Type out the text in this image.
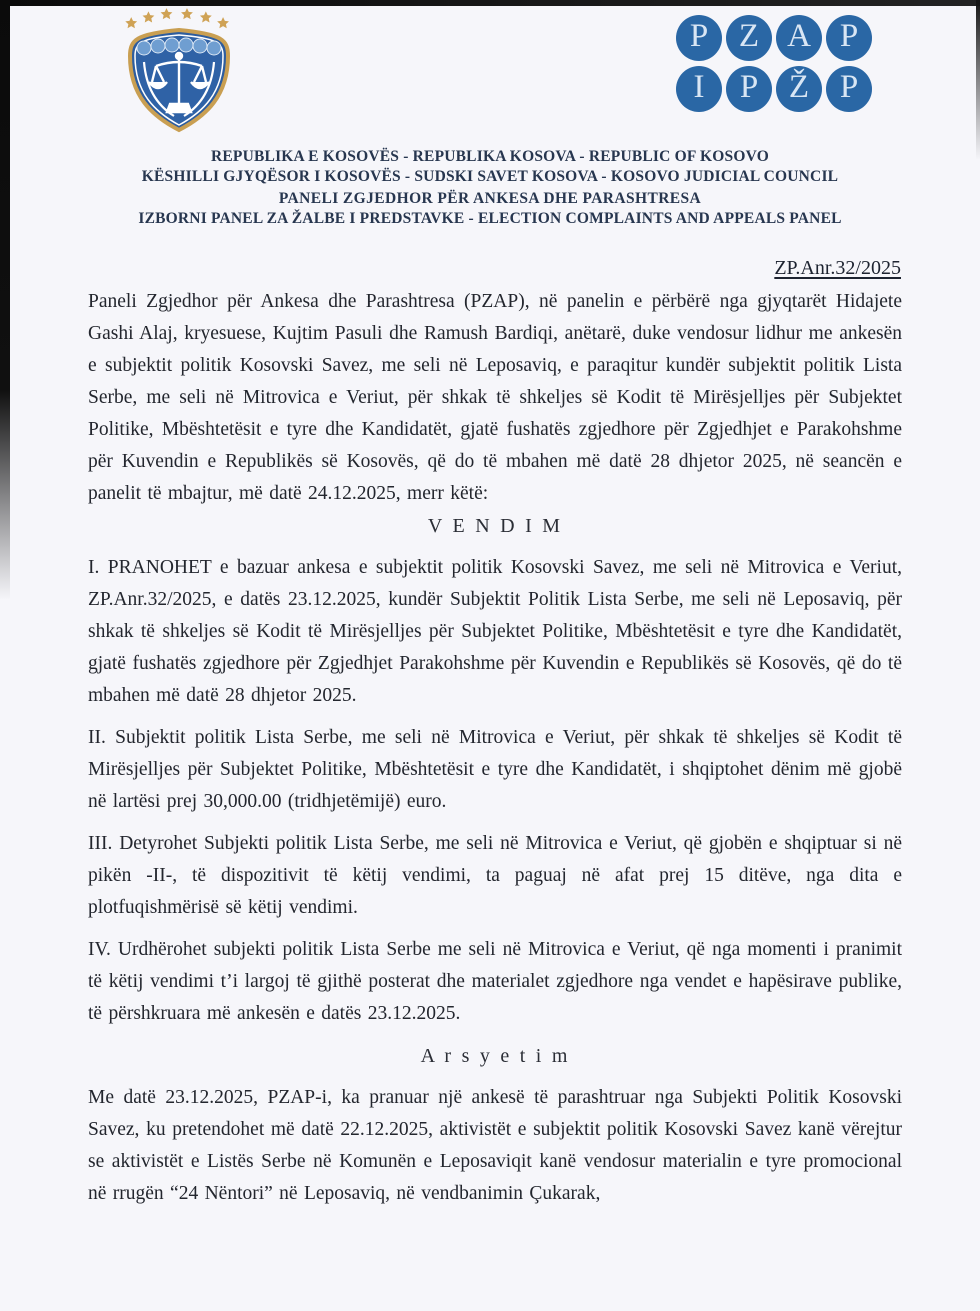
P Z A P
I	P Ž P
REPUBLIKA E KOSOVËS - REPUBLIKA KOSOVA - REPUBLIC OF KOSOVO
KËSHILLI GJYQËSOR I KOSOVËS - SUDSKI SAVET KOSOVA - KOSOVO JUDICIAL COUNCIL
PANELI ZGJEDHOR PËR ANKESA DHE PARASHTRESA
IZBORNI PANEL ZA ŽALBE I PREDSTAVKE - ELECTION COMPLAINTS AND APPEALS PANEL
ZP.Anr.32/2025

Paneli Zgjedhor për Ankesa dhe Parashtresa (PZAP), në panelin e përbërë nga gjyqtarët Hidajete Gashi Alaj, kryesuese, Kujtim Pasuli dhe Ramush Bardiqi, anëtarë, duke vendosur lidhur me ankesën e subjektit politik Kosovski Savez, me seli në Leposaviq, e paraqitur kundër subjektit politik Lista Serbe, me seli në Mitrovica e Veriut, për shkak të shkeljes së Kodit të Mirësjelljes për Subjektet Politike, Mbështetësit e tyre dhe Kandidatët, gjatë fushatës zgjedhore për Zgjedhjet e Parakohshme për Kuvendin e Republikës së Kosovës, që do të mbahen më datë 28 dhjetor 2025, në seancën e panelit të mbajtur, më datë 24.12.2025, merr këtë:

V E N D I M

I. PRANOHET e bazuar ankesa e subjektit politik Kosovski Savez, me seli në Mitrovica e Veriut, ZP.Anr.32/2025, e datës 23.12.2025, kundër Subjektit Politik Lista Serbe, me seli në Leposaviq, për shkak të shkeljes së Kodit të Mirësjelljes për Subjektet Politike, Mbështetësit e tyre dhe Kandidatët, gjatë fushatës zgjedhore për Zgjedhjet Parakohshme për Kuvendin e Republikës së Kosovës, që do të mbahen më datë 28 dhjetor 2025.

II. Subjektit politik Lista Serbe, me seli në Mitrovica e Veriut, për shkak të shkeljes së Kodit të Mirësjelljes për Subjektet Politike, Mbështetësit e tyre dhe Kandidatët, i shqiptohet dënim më gjobë në lartësi prej 30,000.00 (tridhjetëmijë) euro.

III. Detyrohet Subjekti politik Lista Serbe, me seli në Mitrovica e Veriut, që gjobën e shqiptuar si në pikën -II-, të dispozitivit të këtij vendimi, ta paguaj në afat prej 15 ditëve, nga dita e plotfuqishmërisë së këtij vendimi.

IV. Urdhërohet subjekti politik Lista Serbe me seli në Mitrovica e Veriut, që nga momenti i pranimit të këtij vendimi t’i largoj të gjithë posterat dhe materialet zgjedhore nga vendet e hapësirave publike, të përshkruara më ankesën e datës 23.12.2025.

A r s y e t i m

Me datë 23.12.2025, PZAP-i, ka pranuar një ankesë të parashtruar nga Subjekti Politik Kosovski Savez, ku pretendohet më datë 22.12.2025, aktivistët e subjektit politik Kosovski Savez kanë vërejtur se aktivistët e Listës Serbe në Komunën e Leposaviqit kanë vendosur materialin e tyre promocional në rrugën “24 Nëntori” në Leposaviq, në vendbanimin Çukarak,
